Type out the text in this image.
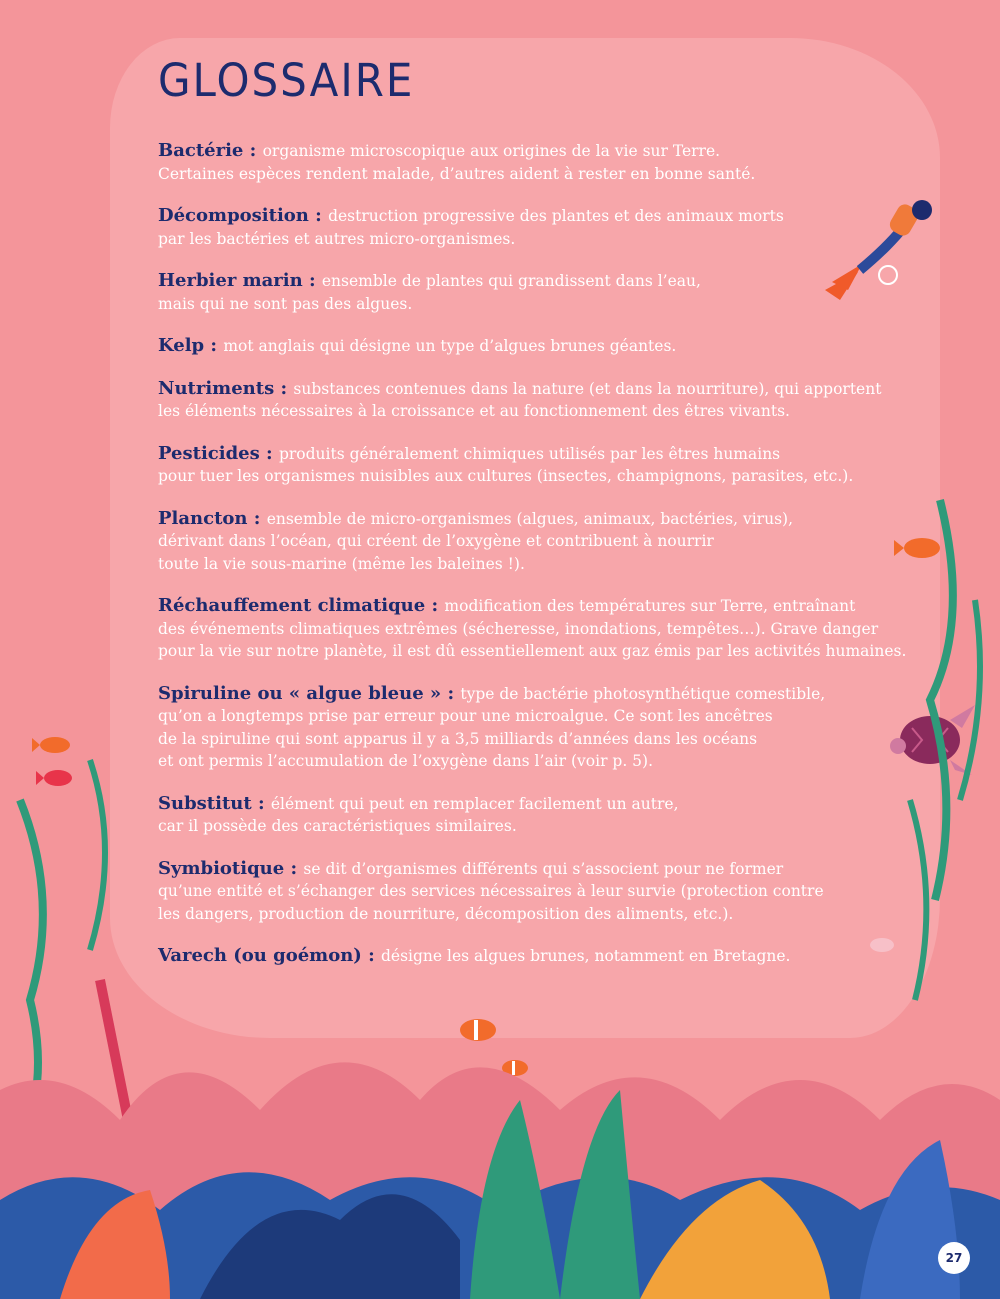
GLOSSAIRE

Bactérie : organisme microscopique aux origines de la vie sur Terre.
Certaines espèces rendent malade, d’autres aident à rester en bonne santé.

Décomposition : destruction progressive des plantes et des animaux morts
par les bactéries et autres micro-organismes.

Herbier marin : ensemble de plantes qui grandissent dans l’eau,
mais qui ne sont pas des algues.

Kelp : mot anglais qui désigne un type d’algues brunes géantes.

Nutriments : substances contenues dans la nature (et dans la nourriture), qui apportent
les éléments nécessaires à la croissance et au fonctionnement des êtres vivants.

Pesticides : produits généralement chimiques utilisés par les êtres humains
pour tuer les organismes nuisibles aux cultures (insectes, champignons, parasites, etc.).

Plancton : ensemble de micro-organismes (algues, animaux, bactéries, virus),
dérivant dans l’océan, qui créent de l’oxygène et contribuent à nourrir
toute la vie sous-marine (même les baleines !).

Réchauffement climatique : modification des températures sur Terre, entraînant
des événements climatiques extrêmes (sécheresse, inondations, tempêtes…). Grave danger
pour la vie sur notre planète, il est dû essentiellement aux gaz émis par les activités humaines.

Spiruline ou « algue bleue » : type de bactérie photosynthétique comestible,
qu’on a longtemps prise par erreur pour une microalgue. Ce sont les ancêtres
de la spiruline qui sont apparus il y a 3,5 milliards d’années dans les océans
et ont permis l’accumulation de l’oxygène dans l’air (voir p. 5).

Substitut : élément qui peut en remplacer facilement un autre,
car il possède des caractéristiques similaires.

Symbiotique : se dit d’organismes différents qui s’associent pour ne former
qu’une entité et s’échanger des services nécessaires à leur survie (protection contre
les dangers, production de nourriture, décomposition des aliments, etc.).

Varech (ou goémon) : désigne les algues brunes, notamment en Bretagne.

27
